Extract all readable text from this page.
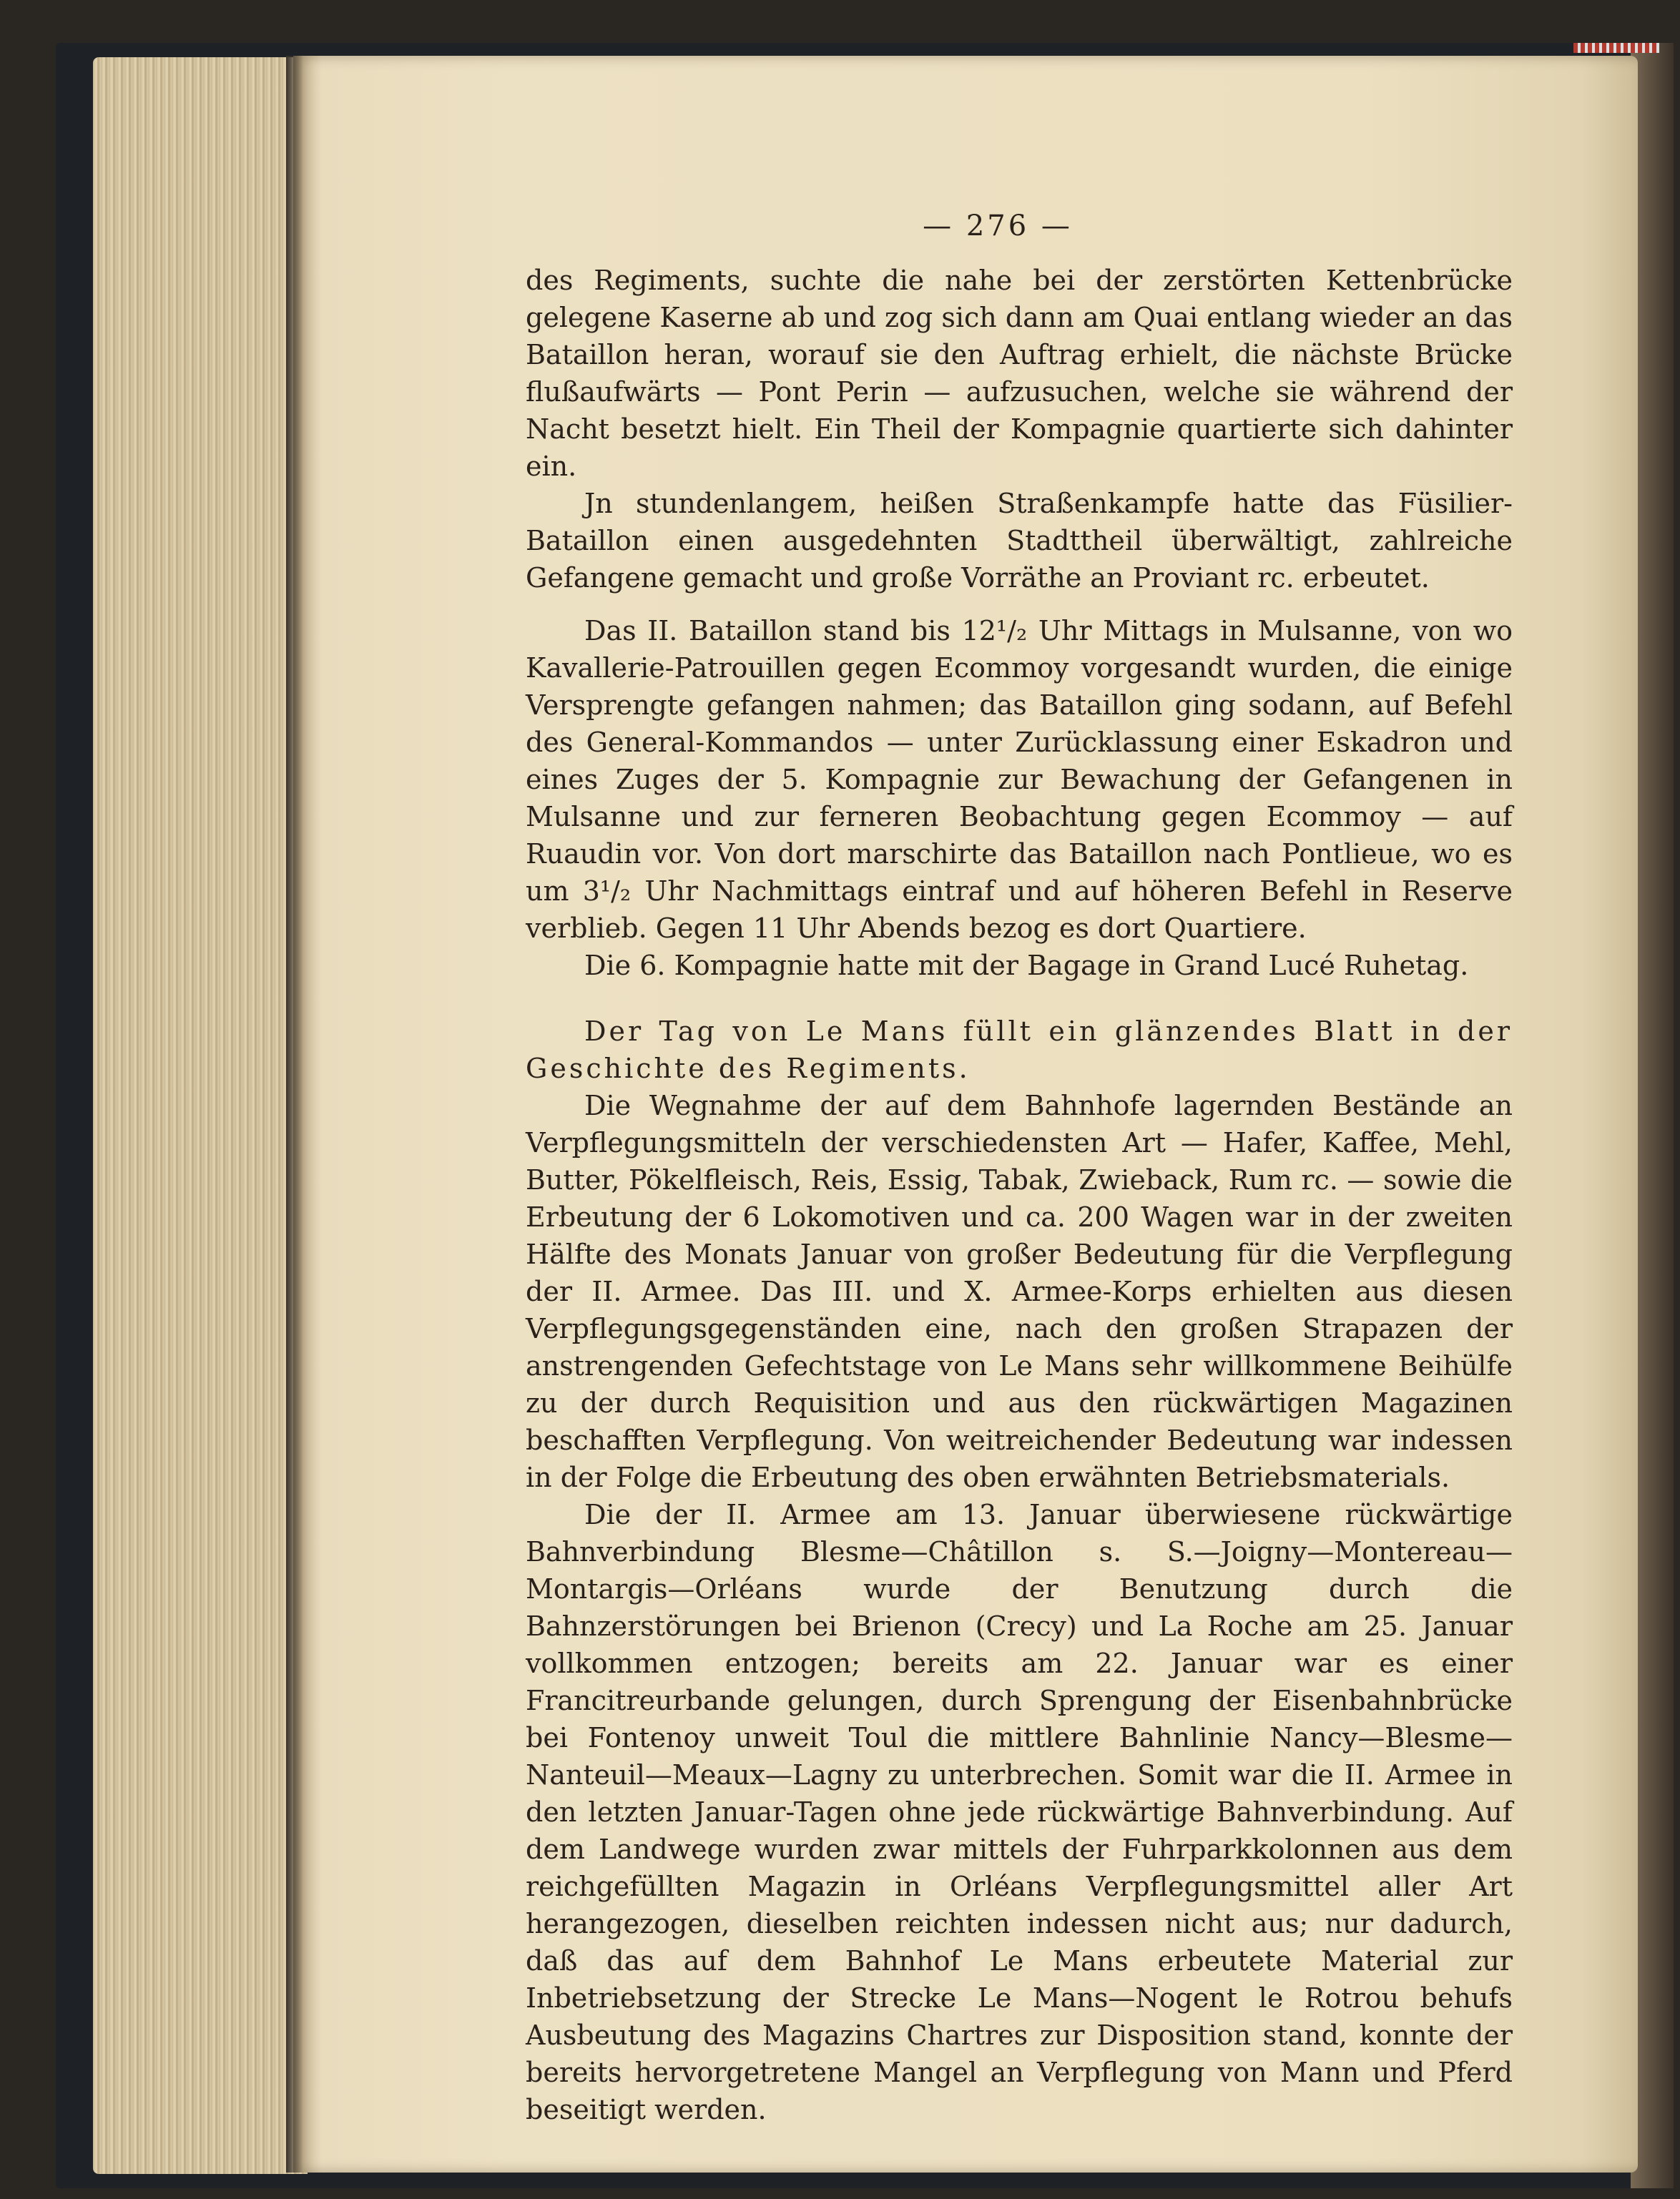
— 276 —

des Regiments, suchte die nahe bei der zerstörten Kettenbrücke gelegene Kaserne ab und zog sich dann am Quai entlang wieder an das Bataillon heran, worauf sie den Auftrag erhielt, die nächste Brücke flußaufwärts — Pont Perin — aufzusuchen, welche sie während der Nacht besetzt hielt. Ein Theil der Kompagnie quartierte sich dahinter ein.

Jn stundenlangem, heißen Straßenkampfe hatte das Füsilier-Bataillon einen ausgedehnten Stadttheil überwältigt, zahlreiche Gefangene gemacht und große Vorräthe an Proviant rc. erbeutet.

Das II. Bataillon stand bis 12¹/₂ Uhr Mittags in Mulsanne, von wo Kavallerie-Patrouillen gegen Ecommoy vorgesandt wurden, die einige Versprengte gefangen nahmen; das Bataillon ging sodann, auf Befehl des General-Kommandos — unter Zurücklassung einer Eskadron und eines Zuges der 5. Kompagnie zur Bewachung der Gefangenen in Mulsanne und zur ferneren Beobachtung gegen Ecommoy — auf Ruaudin vor. Von dort marschirte das Bataillon nach Pontlieue, wo es um 3¹/₂ Uhr Nachmittags eintraf und auf höheren Befehl in Reserve verblieb. Gegen 11 Uhr Abends bezog es dort Quartiere.

Die 6. Kompagnie hatte mit der Bagage in Grand Lucé Ruhetag.

Der Tag von Le Mans füllt ein glänzendes Blatt in der Geschichte des Regiments.

Die Wegnahme der auf dem Bahnhofe lagernden Bestände an Verpflegungsmitteln der verschiedensten Art — Hafer, Kaffee, Mehl, Butter, Pökelfleisch, Reis, Essig, Tabak, Zwieback, Rum rc. — sowie die Erbeutung der 6 Lokomotiven und ca. 200 Wagen war in der zweiten Hälfte des Monats Januar von großer Bedeutung für die Verpflegung der II. Armee. Das III. und X. Armee-Korps erhielten aus diesen Verpflegungsgegenständen eine, nach den großen Strapazen der anstrengenden Gefechtstage von Le Mans sehr willkommene Beihülfe zu der durch Requisition und aus den rückwärtigen Magazinen beschafften Verpflegung. Von weitreichender Bedeutung war indessen in der Folge die Erbeutung des oben erwähnten Betriebsmaterials.

Die der II. Armee am 13. Januar überwiesene rückwärtige Bahnverbindung Blesme—Châtillon s. S.—Joigny—Montereau—Montargis—Orléans wurde der Benutzung durch die Bahnzerstörungen bei Brienon (Crecy) und La Roche am 25. Januar vollkommen entzogen; bereits am 22. Januar war es einer Francitreurbande gelungen, durch Sprengung der Eisenbahnbrücke bei Fontenoy unweit Toul die mittlere Bahnlinie Nancy—Blesme—Nanteuil—Meaux—Lagny zu unterbrechen. Somit war die II. Armee in den letzten Januar-Tagen ohne jede rückwärtige Bahnverbindung. Auf dem Landwege wurden zwar mittels der Fuhrparkkolonnen aus dem reichgefüllten Magazin in Orléans Verpflegungsmittel aller Art herangezogen, dieselben reichten indessen nicht aus; nur dadurch, daß das auf dem Bahnhof Le Mans erbeutete Material zur Inbetriebsetzung der Strecke Le Mans—Nogent le Rotrou behufs Ausbeutung des Magazins Chartres zur Disposition stand, konnte der bereits hervorgetretene Mangel an Verpflegung von Mann und Pferd beseitigt werden.
